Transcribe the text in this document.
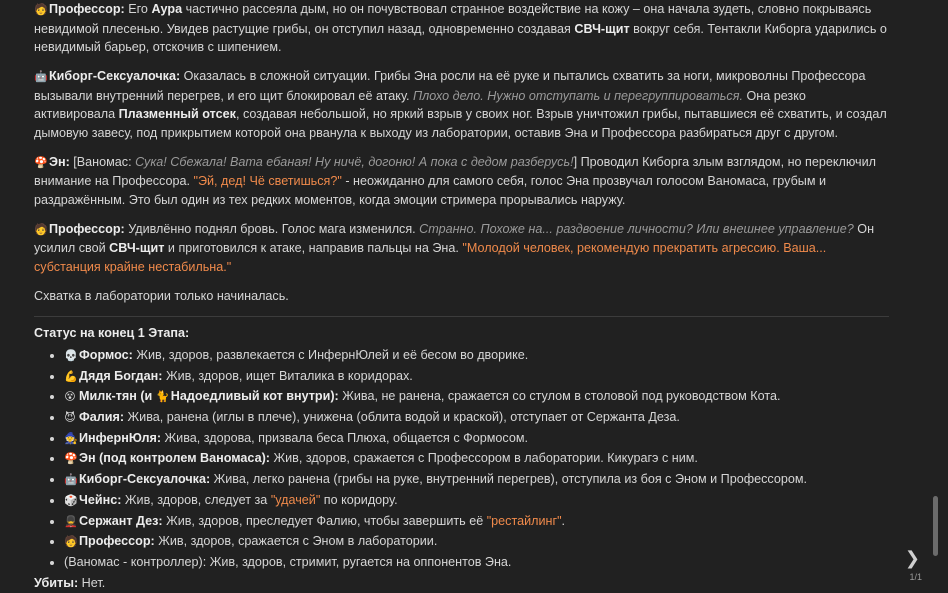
🧑Профессор: Его Аура частично рассеяла дым, но он почувствовал странное воздействие на кожу – она начала зудеть, словно покрываясь невидимой плесенью. Увидев растущие грибы, он отступил назад, одновременно создавая СВЧ-щит вокруг себя. Тентакли Киборга ударились о невидимый барьер, отскочив с шипением.

🤖Киборг-Сексуалочка: Оказалась в сложной ситуации. Грибы Эна росли на её руке и пытались схватить за ноги, микроволны Профессора вызывали внутренний перегрев, и его щит блокировал её атаку. Плохо дело. Нужно отступать и перегруппироваться. Она резко активировала Плазменный отсек, создавая небольшой, но яркий взрыв у своих ног. Взрыв уничтожил грибы, пытавшиеся её схватить, и создал дымовую завесу, под прикрытием которой она рванула к выходу из лаборатории, оставив Эна и Профессора разбираться друг с другом.

🍄Эн: [Ваномас: Сука! Сбежала! Вата ебаная! Ну ничё, догоню! А пока с дедом разберусь!] Проводил Киборга злым взглядом, но переключил внимание на Профессора. "Эй, дед! Чё светишься?" - неожиданно для самого себя, голос Эна прозвучал голосом Ваномаса, грубым и раздражённым. Это был один из тех редких моментов, когда эмоции стримера прорывались наружу.

🧑Профессор: Удивлённо поднял бровь. Голос мага изменился. Странно. Похоже на... раздвоение личности? Или внешнее управление? Он усилил свой СВЧ-щит и приготовился к атаке, направив пальцы на Эна. "Молодой человек, рекомендую прекратить агрессию. Ваша... субстанция крайне нестабильна."

Схватка в лаборатории только начиналась.

Статус на конец 1 Этапа:

• 💀Формос: Жив, здоров, развлекается с ИнфернЮлей и её бесом во дворике.
• 💪Дядя Богдан: Жив, здоров, ищет Виталика в коридорах.
• 😵 Милк-тян (и 🐈Надоедливый кот внутри): Жива, не ранена, сражается со стулом в столовой под руководством Кота.
• 😈 Фалия: Жива, ранена (иглы в плече), унижена (облита водой и краской), отступает от Сержанта Деза.
• 🧙ИнфернЮля: Жива, здорова, призвала беса Плюха, общается с Формосом.
• 🍄Эн (под контролем Ваномаса): Жив, здоров, сражается с Профессором в лаборатории. Кикурагэ с ним.
• 🤖Киборг-Сексуалочка: Жива, легко ранена (грибы на руке, внутренний перегрев), отступила из боя с Эном и Профессором.
• 🎲Чейнс: Жив, здоров, следует за "удачей" по коридору.
• 💂Сержант Дез: Жив, здоров, преследует Фалию, чтобы завершить её "рестайлинг".
• 🧑Профессор: Жив, здоров, сражается с Эном в лаборатории.
• (Ваномас - контроллер): Жив, здоров, стримит, ругается на оппонентов Эна.

Убиты: Нет.

❯
1/1
